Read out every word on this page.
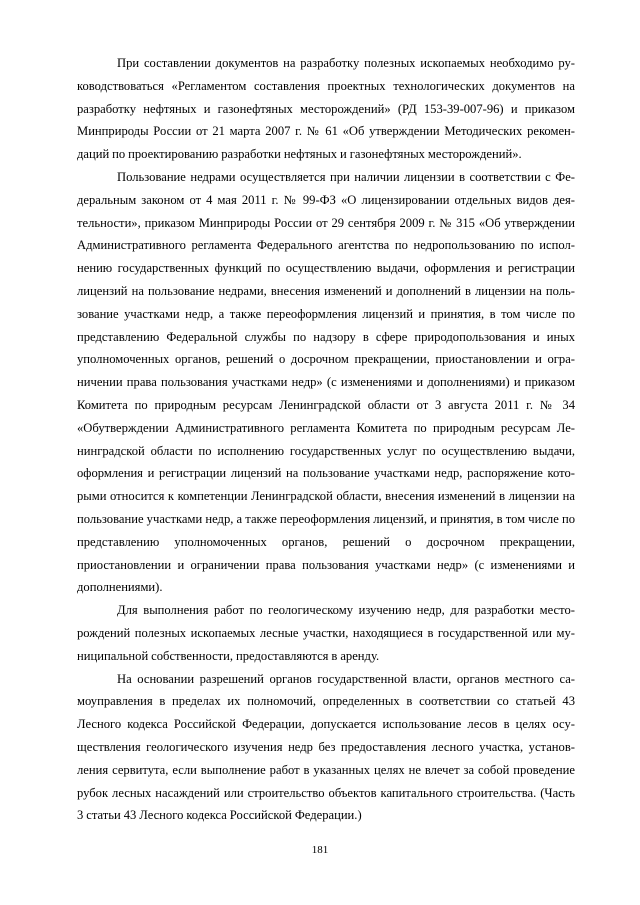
При составлении документов на разработку полезных ископаемых необходимо руководствоваться «Регламентом составления проектных технологических документов на разработку нефтяных и газонефтяных месторождений» (РД 153-39-007-96) и приказом Минприроды России от 21 марта 2007 г. № 61 «Об утверждении Методических рекомендаций по проектированию разработки нефтяных и газонефтяных месторождений».

Пользование недрами осуществляется при наличии лицензии в соответствии с Федеральным законом от 4 мая 2011 г. № 99-ФЗ «О лицензировании отдельных видов деятельности», приказом Минприроды России от 29 сентября 2009 г. № 315 «Об утверждении Административного регламента Федерального агентства по недропользованию по исполнению государственных функций по осуществлению выдачи, оформления и регистрации лицензий на пользование недрами, внесения изменений и дополнений в лицензии на пользование участками недр, а также переоформления лицензий и принятия, в том числе по представлению Федеральной службы по надзору в сфере природопользования и иных уполномоченных органов, решений о досрочном прекращении, приостановлении и ограничении права пользования участками недр» (с изменениями и дополнениями) и приказом Комитета по природным ресурсам Ленинградской области от 3 августа 2011 г. № 34 «Обутверждении Административного регламента Комитета по природным ресурсам Ленинградской области по исполнению государственных услуг по осуществлению выдачи, оформления и регистрации лицензий на пользование участками недр, распоряжение которыми относится к компетенции Ленинградской области, внесения изменений в лицензии на пользование участками недр, а также переоформления лицензий, и принятия, в том числе по представлению уполномоченных органов, решений о досрочном прекращении, приостановлении и ограничении права пользования участками недр» (с изменениями и дополнениями).

Для выполнения работ по геологическому изучению недр, для разработки месторождений полезных ископаемых лесные участки, находящиеся в государственной или муниципальной собственности, предоставляются в аренду.

На основании разрешений органов государственной власти, органов местного самоуправления в пределах их полномочий, определенных в соответствии со статьей 43 Лесного кодекса Российской Федерации, допускается использование лесов в целях осуществления геологического изучения недр без предоставления лесного участка, установления сервитута, если выполнение работ в указанных целях не влечет за собой проведение рубок лесных насаждений или строительство объектов капитального строительства. (Часть 3 статьи 43 Лесного кодекса Российской Федерации.)

181
